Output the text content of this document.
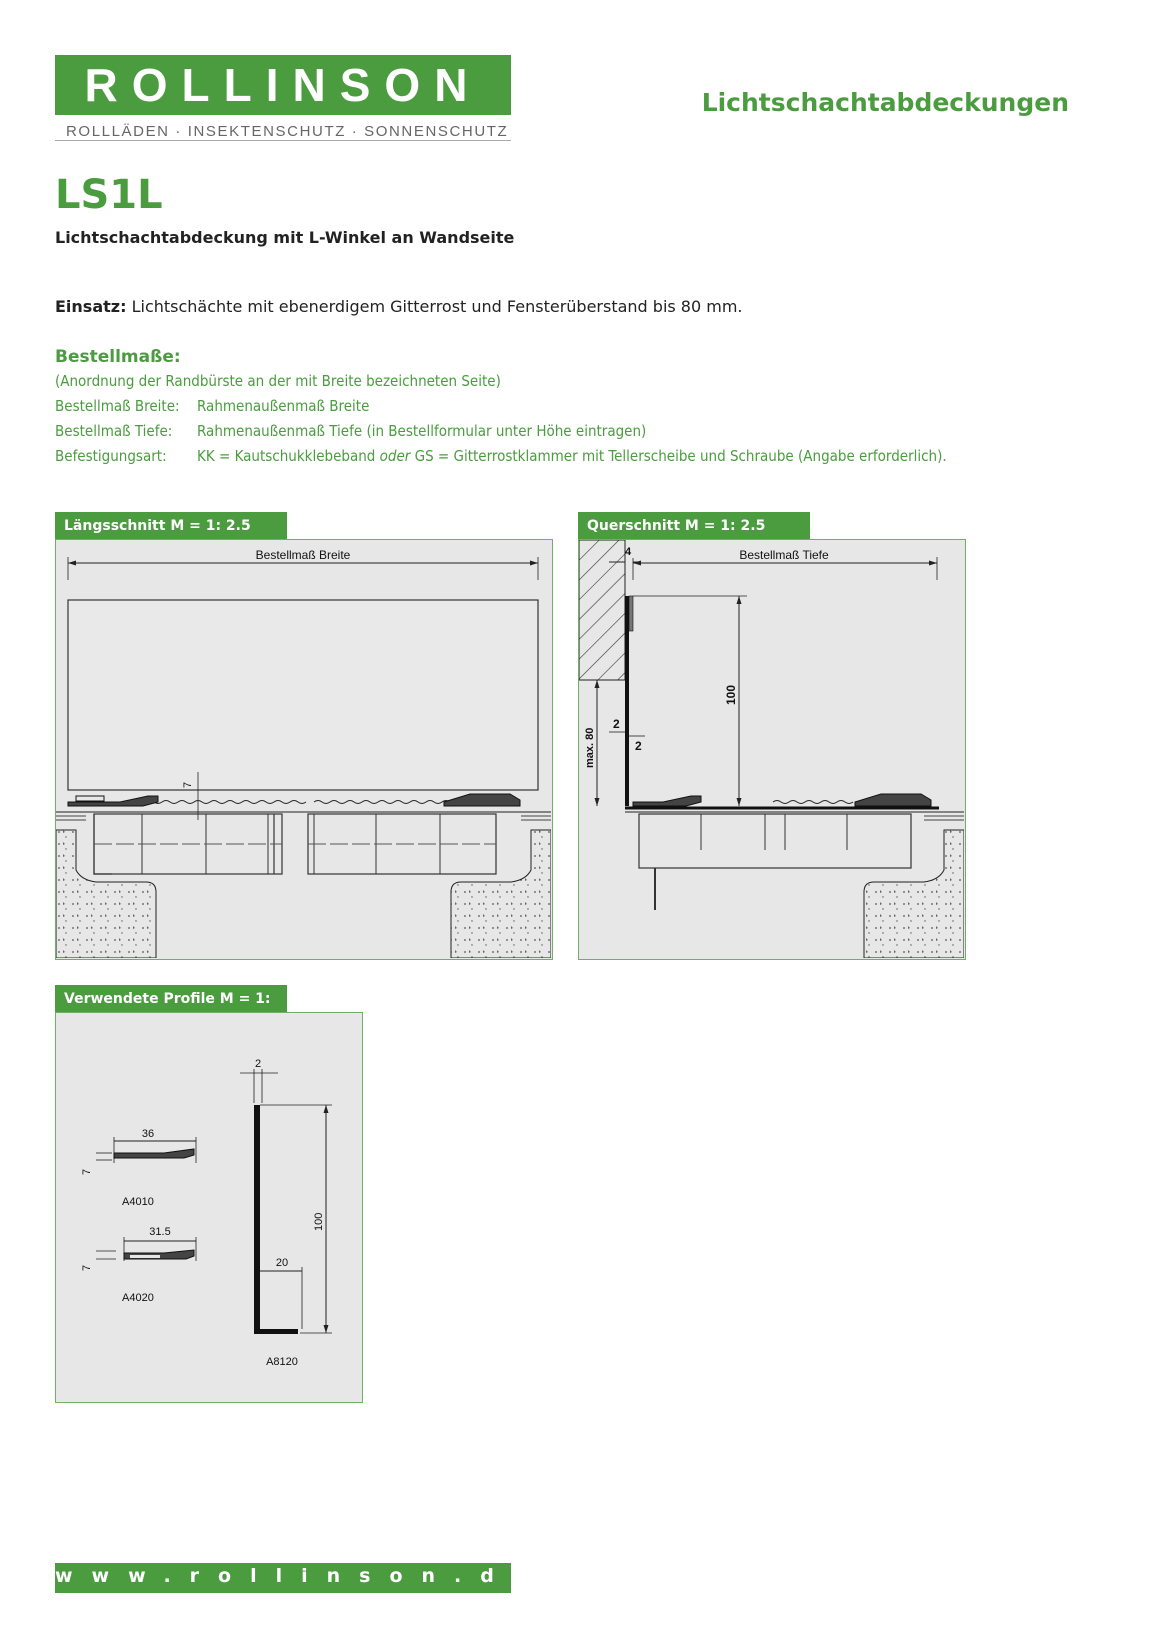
ROLLINSON
ROLLLÄDEN · INSEKTENSCHUTZ · SONNENSCHUTZ
Lichtschachtabdeckungen
LS1L
Lichtschachtabdeckung mit L-Winkel an Wandseite
Einsatz: Lichtschächte mit ebenerdigem Gitterrost und Fensterüberstand bis 80 mm.
Bestellmaße:
(Anordnung der Randbürste an der mit Breite bezeichneten Seite)
Bestellmaß Breite: Rahmenaußenmaß Breite
Bestellmaß Tiefe: Rahmenaußenmaß Tiefe (in Bestellformular unter Höhe eintragen)
Befestigungsart: KK = Kautschukklebeband oder GS = Gitterrostklammer mit Tellerscheibe und Schraube (Angabe erforderlich).
Längsschnitt M = 1: 2.5
Bestellmaß Breite
7
Querschnitt M = 1: 2.5
4	Bestellmaß Tiefe
100
2
2
max. 80
Verwendete Profile M = 1:
36
7
A4010
31.5
7
A4020
2
100
20
A8120
www.rollinson.de
